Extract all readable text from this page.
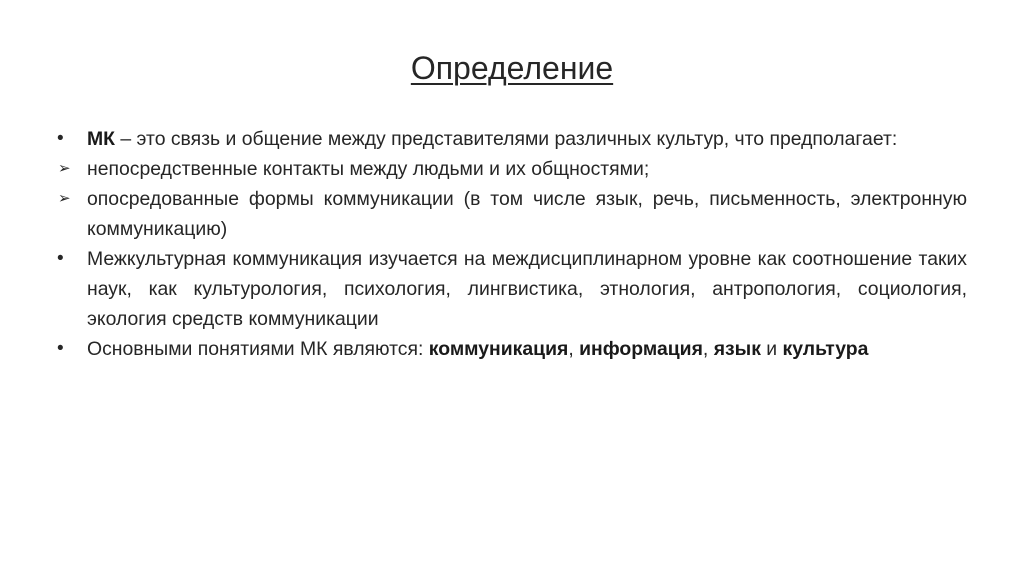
Определение
•	МК – это связь и общение между представителями различных культур, что предполагает:
➢ непосредственные контакты между людьми и их общностями;
➢ опосредованные формы коммуникации (в том числе язык, речь, письменность, электронную коммуникацию)
•	Межкультурная коммуникация изучается на междисциплинарном уровне как соотношение таких наук, как культурология, психология, лингвистика, этнология, антропология, социология, экология средств коммуникации
•	Основными понятиями МК являются: коммуникация, информация, язык и культура
